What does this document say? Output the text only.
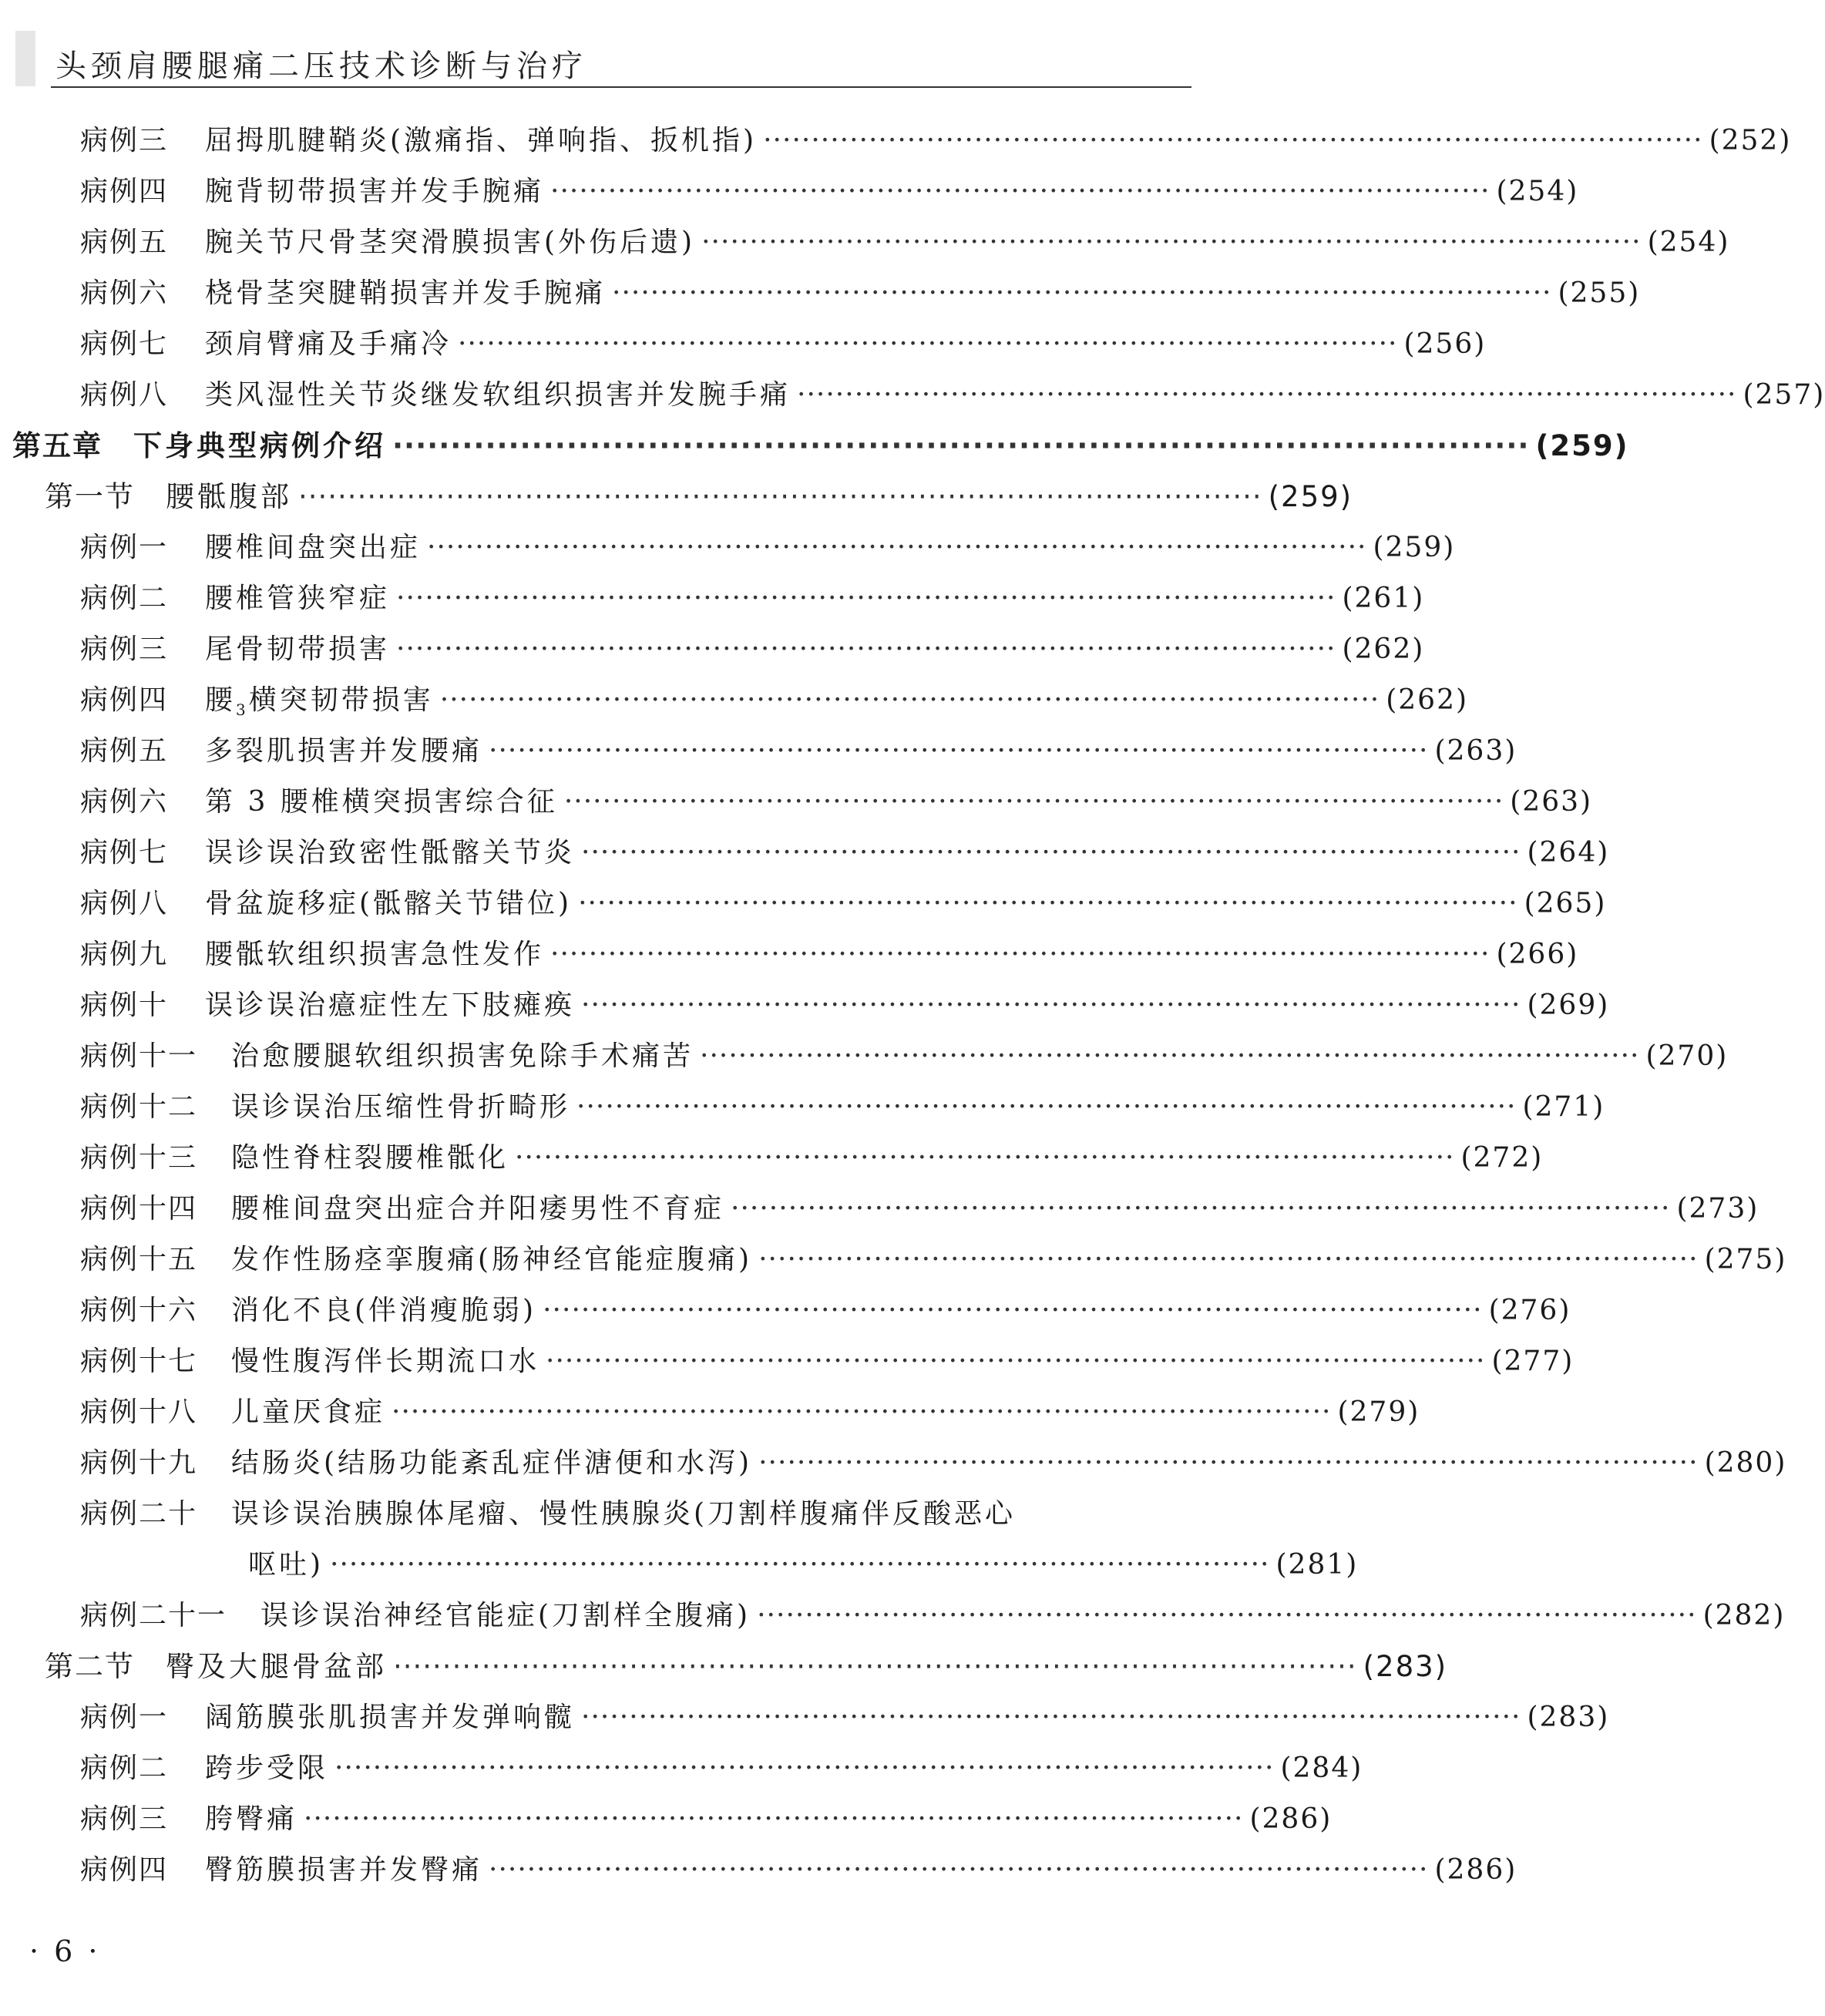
头颈肩腰腿痛二压技术诊断与治疗
病例三 屈拇肌腱鞘炎(激痛指、弹响指、扳机指) ·································································································· (252)
病例四 腕背韧带损害并发手腕痛 ·································································································· (254)
病例五 腕关节尺骨茎突滑膜损害(外伤后遗) ·································································································· (254)
病例六 桡骨茎突腱鞘损害并发手腕痛 ·································································································· (255)
病例七 颈肩臂痛及手痛冷 ·································································································· (256)
病例八 类风湿性关节炎继发软组织损害并发腕手痛 ·································································································· (257)
第五章 下身典型病例介绍 ·································································································· (259)
第一节 腰骶腹部 ·································································································· (259)
病例一 腰椎间盘突出症 ·································································································· (259)
病例二 腰椎管狭窄症 ·································································································· (261)
病例三 尾骨韧带损害 ·································································································· (262)
病例四 腰$_3$横突韧带损害 ·································································································· (262)
病例五 多裂肌损害并发腰痛 ·································································································· (263)
病例六 第 3 腰椎横突损害综合征 ·································································································· (263)
病例七 误诊误治致密性骶髂关节炎 ·································································································· (264)
病例八 骨盆旋移症(骶髂关节错位) ·································································································· (265)
病例九 腰骶软组织损害急性发作 ·································································································· (266)
病例十 误诊误治癔症性左下肢瘫痪 ·································································································· (269)
病例十一 治愈腰腿软组织损害免除手术痛苦 ·································································································· (270)
病例十二 误诊误治压缩性骨折畸形 ·································································································· (271)
病例十三 隐性脊柱裂腰椎骶化 ·································································································· (272)
病例十四 腰椎间盘突出症合并阳痿男性不育症 ·································································································· (273)
病例十五 发作性肠痉挛腹痛(肠神经官能症腹痛) ·································································································· (275)
病例十六 消化不良(伴消瘦脆弱) ·································································································· (276)
病例十七 慢性腹泻伴长期流口水 ·································································································· (277)
病例十八 儿童厌食症 ·································································································· (279)
病例十九 结肠炎(结肠功能紊乱症伴溏便和水泻) ·································································································· (280)
病例二十 误诊误治胰腺体尾瘤、慢性胰腺炎(刀割样腹痛伴反酸恶心
呕吐) ·································································································· (281)
病例二十一 误诊误治神经官能症(刀割样全腹痛) ·································································································· (282)
第二节 臀及大腿骨盆部 ·································································································· (283)
病例一 阔筋膜张肌损害并发弹响髋 ·································································································· (283)
病例二 跨步受限 ·································································································· (284)
病例三 胯臀痛 ·································································································· (286)
病例四 臀筋膜损害并发臀痛 ·································································································· (286)
· 6 ·
